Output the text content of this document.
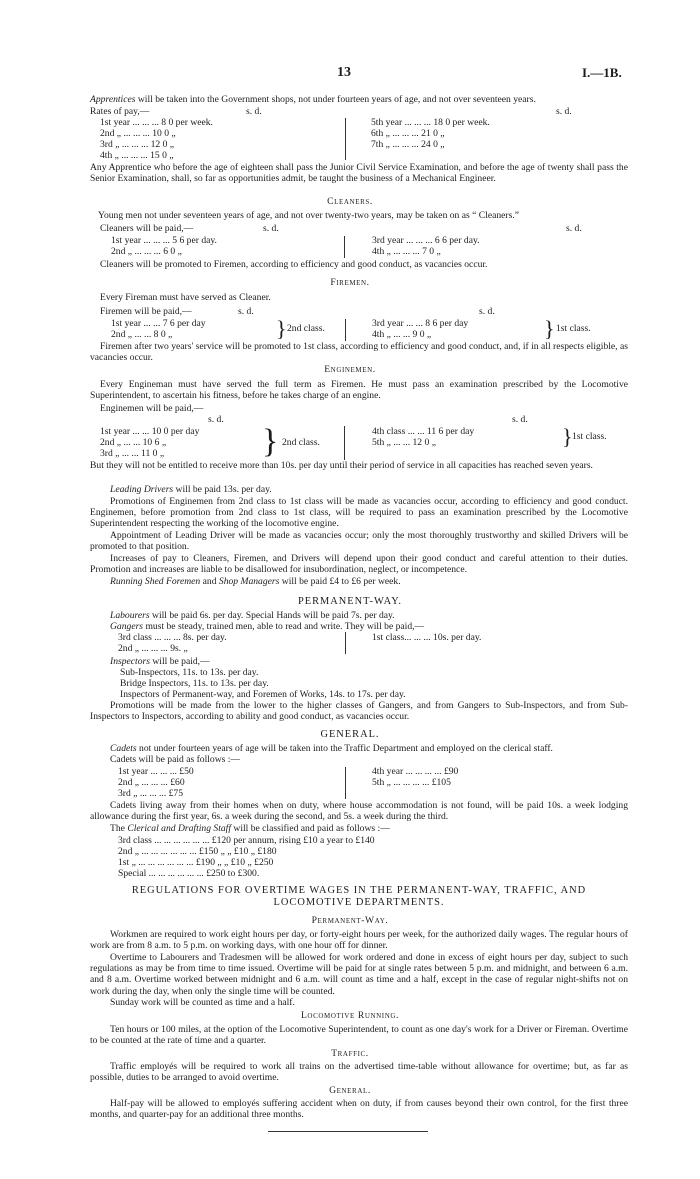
13	I.—1B.
Apprentices will be taken into the Government shops, not under fourteen years of age, and not over seventeen years.
Rates of pay,—	s. d.	s. d.
1st year ... ... ... 8 0 per week.
2nd „ ... ... ... 10 0 „
3rd „ ... ... ... 12 0 „
4th „ ... ... ... 15 0 „
5th year ... ... ... 18 0 per week.
6th „ ... ... ... 21 0 „
7th „ ... ... ... 24 0 „
Any Apprentice who before the age of eighteen shall pass the Junior Civil Service Examination, and before the age of twenty shall pass the Senior Examination, shall, so far as opportunities admit, be taught the business of a Mechanical Engineer.
Cleaners.
Young men not under seventeen years of age, and not over twenty-two years, may be taken on as “ Cleaners.”
Cleaners will be paid,—	s. d.	s. d.
1st year ... ... ... 5 6 per day.
2nd „ ... ... ... 6 0 „
3rd year ... ... ... 6 6 per day.
4th „ ... ... ... 7 0 „
Cleaners will be promoted to Firemen, according to efficiency and good conduct, as vacancies occur.
Firemen.
Every Fireman must have served as Cleaner.
Firemen will be paid,—	s. d.	s. d.
1st year ... ... 7 6 per day
2nd „ ... ... 8 0 „	} 2nd class.	3rd year ... ... 8 6 per day
4th „ ... ... 9 0 „	} 1st class.
Firemen after two years' service will be promoted to 1st class, according to efficiency and good conduct, and, if in all respects eligible, as vacancies occur.
Enginemen.
Every Engineman must have served the full term as Firemen. He must pass an examination prescribed by the Locomotive Superintendent, to ascertain his fitness, before he takes charge of an engine.
Enginemen will be paid,—
s. d.	s. d.
1st year ... ... 10 0 per day
2nd „ ... ... 10 6 „
3rd „ ... ... 11 0 „	} 2nd class.
4th class ... ... 11 6 per day
5th „ ... ... 12 0 „	} 1st class.
But they will not be entitled to receive more than 10s. per day until their period of service in all capacities has reached seven years.
Leading Drivers will be paid 13s. per day.
Promotions of Enginemen from 2nd class to 1st class will be made as vacancies occur, according to efficiency and good conduct. Enginemen, before promotion from 2nd class to 1st class, will be required to pass an examination prescribed by the Locomotive Superintendent respecting the working of the locomotive engine.
Appointment of Leading Driver will be made as vacancies occur; only the most thoroughly trustworthy and skilled Drivers will be promoted to that position.
Increases of pay to Cleaners, Firemen, and Drivers will depend upon their good conduct and careful attention to their duties. Promotion and increases are liable to be disallowed for insubordination, neglect, or incompetence.
Running Shed Foremen and Shop Managers will be paid £4 to £6 per week.
PERMANENT-WAY.
Labourers will be paid 6s. per day. Special Hands will be paid 7s. per day.
Gangers must be steady, trained men, able to read and write. They will be paid,—
3rd class ... ... ... 8s. per day.
2nd „ ... ... ... 9s. „
1st class... ... ... 10s. per day.
Inspectors will be paid,—
Sub-Inspectors, 11s. to 13s. per day.
Bridge Inspectors, 11s. to 13s. per day.
Inspectors of Permanent-way, and Foremen of Works, 14s. to 17s. per day.
Promotions will be made from the lower to the higher classes of Gangers, and from Gangers to Sub-Inspectors, and from Sub-Inspectors to Inspectors, according to ability and good conduct, as vacancies occur.
GENERAL.
Cadets not under fourteen years of age will be taken into the Traffic Department and employed on the clerical staff.
Cadets will be paid as follows :—
1st year ... ... ... £50
2nd „ ... ... ... £60
3rd „ ... ... ... £75
4th year ... ... ... ... £90
5th „ ... ... ... ... £105
Cadets living away from their homes when on duty, where house accommodation is not found, will be paid 10s. a week lodging allowance during the first year, 6s. a week during the second, and 5s. a week during the third.
The Clerical and Drafting Staff will be classified and paid as follows :—
3rd class ... ... ... ... ... ... £120 per annum, rising £10 a year to £140
2nd „ ... ... ... ... ... ... £150 „ „ £10 „ £180
1st „ ... ... ... ... ... ... £190 „ „ £10 „ £250
Special ... ... ... ... ... ... £250 to £300.
REGULATIONS FOR OVERTIME WAGES IN THE PERMANENT-WAY, TRAFFIC, AND LOCOMOTIVE DEPARTMENTS.
Permanent-Way.
Workmen are required to work eight hours per day, or forty-eight hours per week, for the authorized daily wages. The regular hours of work are from 8 a.m. to 5 p.m. on working days, with one hour off for dinner.
Overtime to Labourers and Tradesmen will be allowed for work ordered and done in excess of eight hours per day, subject to such regulations as may be from time to time issued. Overtime will be paid for at single rates between 5 p.m. and midnight, and between 6 a.m. and 8 a.m. Overtime worked between midnight and 6 a.m. will count as time and a half, except in the case of regular night-shifts not on work during the day, when only the single time will be counted.
Sunday work will be counted as time and a half.
Locomotive Running.
Ten hours or 100 miles, at the option of the Locomotive Superintendent, to count as one day's work for a Driver or Fireman. Overtime to be counted at the rate of time and a quarter.
Traffic.
Traffic employés will be required to work all trains on the advertised time-table without allowance for overtime; but, as far as possible, duties to be arranged to avoid overtime.
General.
Half-pay will be allowed to employés suffering accident when on duty, if from causes beyond their own control, for the first three months, and quarter-pay for an additional three months.
